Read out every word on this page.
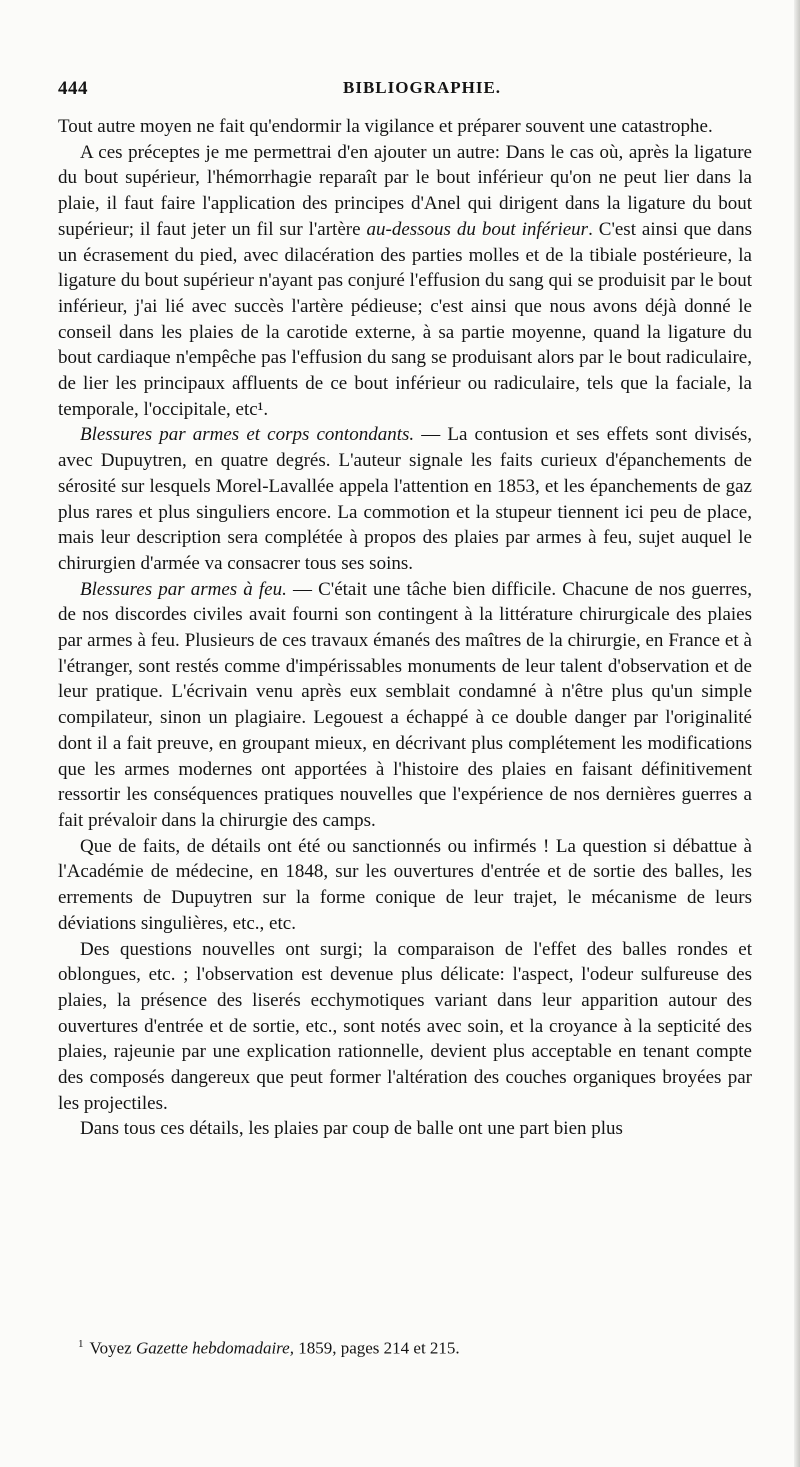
444	BIBLIOGRAPHIE.

Tout autre moyen ne fait qu'endormir la vigilance et préparer souvent une catastrophe.

A ces préceptes je me permettrai d'en ajouter un autre: Dans le cas où, après la ligature du bout supérieur, l'hémorrhagie reparaît par le bout inférieur qu'on ne peut lier dans la plaie, il faut faire l'application des principes d'Anel qui dirigent dans la ligature du bout supérieur; il faut jeter un fil sur l'artère au-dessous du bout inférieur. C'est ainsi que dans un écrasement du pied, avec dilacération des parties molles et de la tibiale postérieure, la ligature du bout supérieur n'ayant pas conjuré l'effusion du sang qui se produisit par le bout inférieur, j'ai lié avec succès l'artère pédieuse; c'est ainsi que nous avons déjà donné le conseil dans les plaies de la carotide externe, à sa partie moyenne, quand la ligature du bout cardiaque n'empêche pas l'effusion du sang se produisant alors par le bout radiculaire, de lier les principaux affluents de ce bout inférieur ou radiculaire, tels que la faciale, la temporale, l'occipitale, etc¹.

Blessures par armes et corps contondants. — La contusion et ses effets sont divisés, avec Dupuytren, en quatre degrés. L'auteur signale les faits curieux d'épanchements de sérosité sur lesquels Morel-Lavallée appela l'attention en 1853, et les épanchements de gaz plus rares et plus singuliers encore. La commotion et la stupeur tiennent ici peu de place, mais leur description sera complétée à propos des plaies par armes à feu, sujet auquel le chirurgien d'armée va consacrer tous ses soins.

Blessures par armes à feu. — C'était une tâche bien difficile. Chacune de nos guerres, de nos discordes civiles avait fourni son contingent à la littérature chirurgicale des plaies par armes à feu. Plusieurs de ces travaux émanés des maîtres de la chirurgie, en France et à l'étranger, sont restés comme d'impérissables monuments de leur talent d'observation et de leur pratique. L'écrivain venu après eux semblait condamné à n'être plus qu'un simple compilateur, sinon un plagiaire. Legouest a échappé à ce double danger par l'originalité dont il a fait preuve, en groupant mieux, en décrivant plus complétement les modifications que les armes modernes ont apportées à l'histoire des plaies en faisant définitivement ressortir les conséquences pratiques nouvelles que l'expérience de nos dernières guerres a fait prévaloir dans la chirurgie des camps.

Que de faits, de détails ont été ou sanctionnés ou infirmés ! La question si débattue à l'Académie de médecine, en 1848, sur les ouvertures d'entrée et de sortie des balles, les errements de Dupuytren sur la forme conique de leur trajet, le mécanisme de leurs déviations singulières, etc., etc.

Des questions nouvelles ont surgi; la comparaison de l'effet des balles rondes et oblongues, etc. ; l'observation est devenue plus délicate: l'aspect, l'odeur sulfureuse des plaies, la présence des liserés ecchymotiques variant dans leur apparition autour des ouvertures d'entrée et de sortie, etc., sont notés avec soin, et la croyance à la septicité des plaies, rajeunie par une explication rationnelle, devient plus acceptable en tenant compte des composés dangereux que peut former l'altération des couches organiques broyées par les projectiles.

Dans tous ces détails, les plaies par coup de balle ont une part bien plus

$^1$ Voyez Gazette hebdomadaire, 1859, pages 214 et 215.
